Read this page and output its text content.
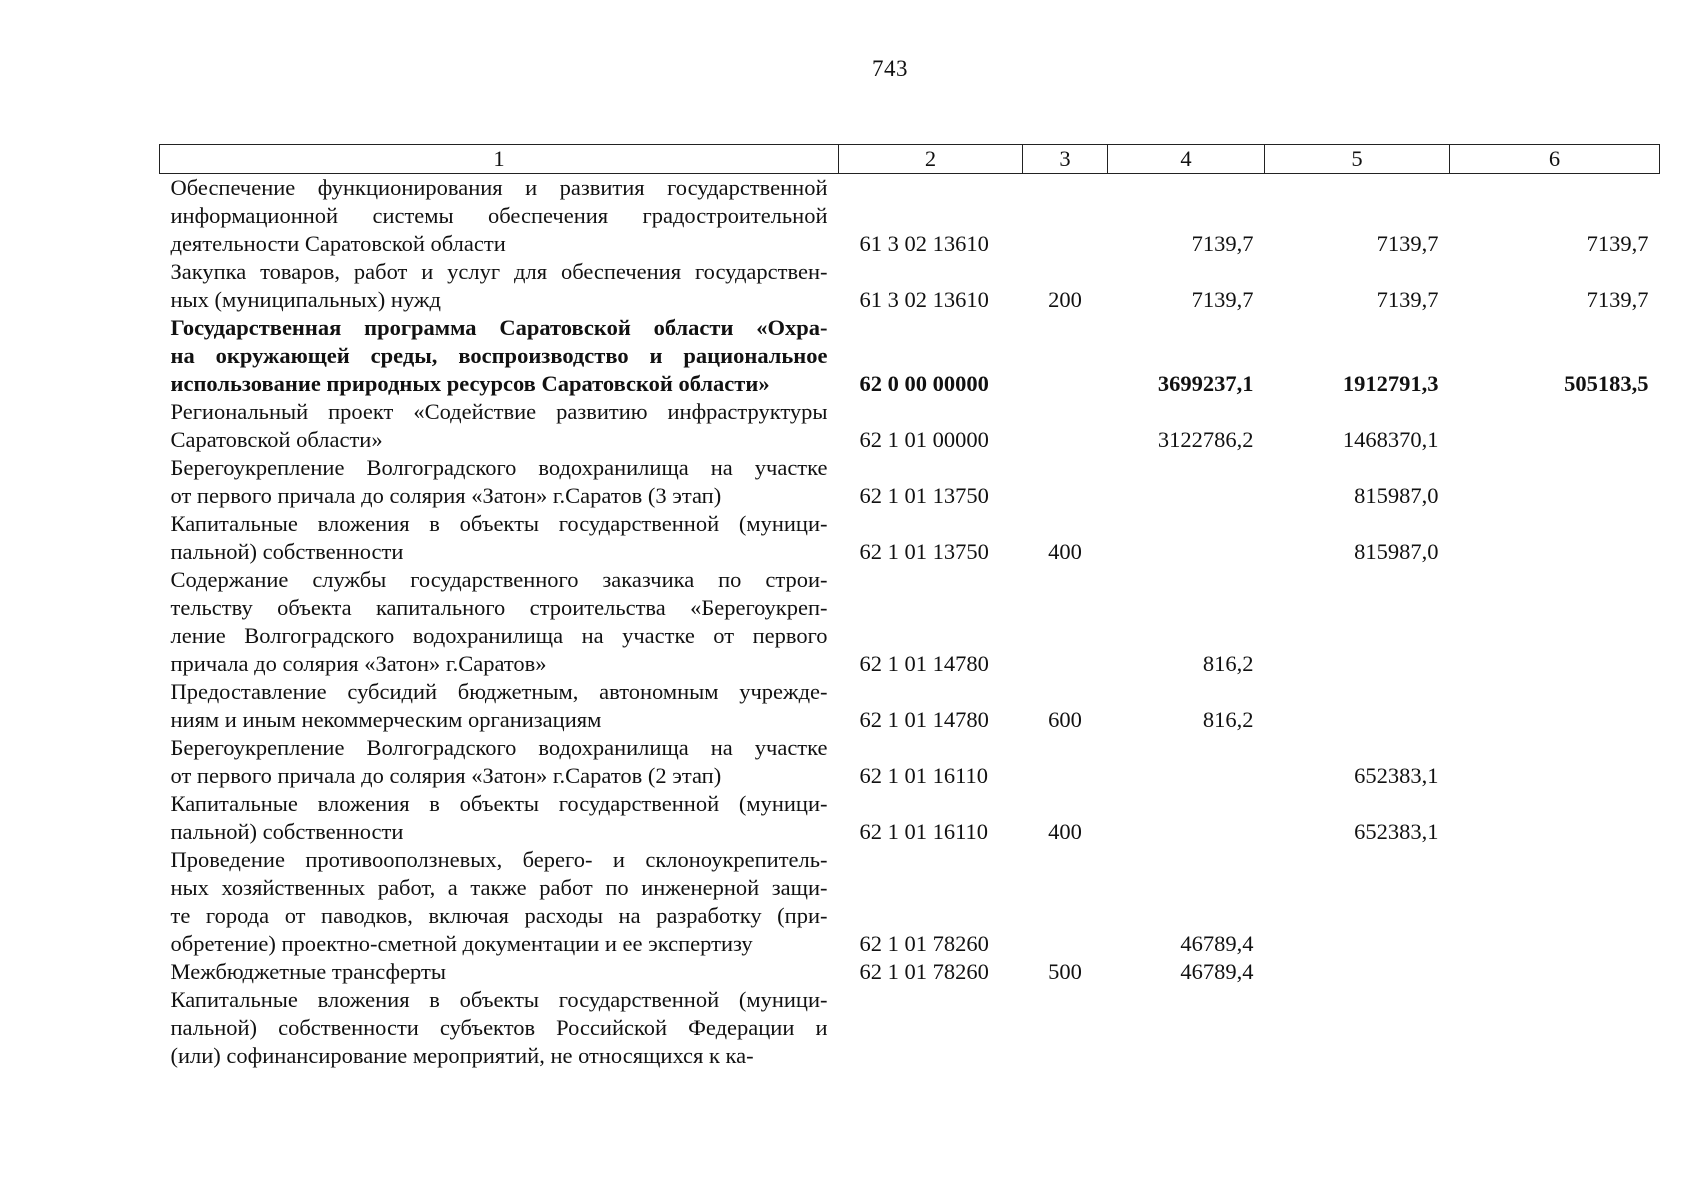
743
1	2	3	4	5	6

Обеспечение функционирования и развития государственной
информационной системы обеспечения градостроительной
деятельности Саратовской области	61 3 02 13610		7139,7	7139,7	7139,7

Закупка товаров, работ и услуг для обеспечения государствен-
ных (муниципальных) нужд	61 3 02 13610	200	7139,7	7139,7	7139,7

Государственная программа Саратовской области «Охра-
на окружающей среды, воспроизводство и рациональное
использование природных ресурсов Саратовской области»	62 0 00 00000		3699237,1	1912791,3	505183,5

Региональный проект «Содействие развитию инфраструктуры
Саратовской области»	62 1 01 00000		3122786,2	1468370,1	

Берегоукрепление Волгоградского водохранилища на участке
от первого причала до солярия «Затон» г.Саратов (3 этап)	62 1 01 13750			815987,0	

Капитальные вложения в объекты государственной (муници-
пальной) собственности	62 1 01 13750	400		815987,0	

Содержание службы государственного заказчика по строи-
тельству объекта капитального строительства «Берегоукреп-
ление Волгоградского водохранилища на участке от первого
причала до солярия «Затон» г.Саратов»	62 1 01 14780		816,2		

Предоставление субсидий бюджетным, автономным учрежде-
ниям и иным некоммерческим организациям	62 1 01 14780	600	816,2		

Берегоукрепление Волгоградского водохранилища на участке
от первого причала до солярия «Затон» г.Саратов (2 этап)	62 1 01 16110			652383,1	

Капитальные вложения в объекты государственной (муници-
пальной) собственности	62 1 01 16110	400		652383,1	

Проведение противооползневых, берего- и склоноукрепитель-
ных хозяйственных работ, а также работ по инженерной защи-
те города от паводков, включая расходы на разработку (при-
обретение) проектно-сметной документации и ее экспертизу	62 1 01 78260		46789,4		

Межбюджетные трансферты	62 1 01 78260	500	46789,4		

Капитальные вложения в объекты государственной (муници-
пальной) собственности субъектов Российской Федерации и
(или) софинансирование мероприятий, не относящихся к ка-					
